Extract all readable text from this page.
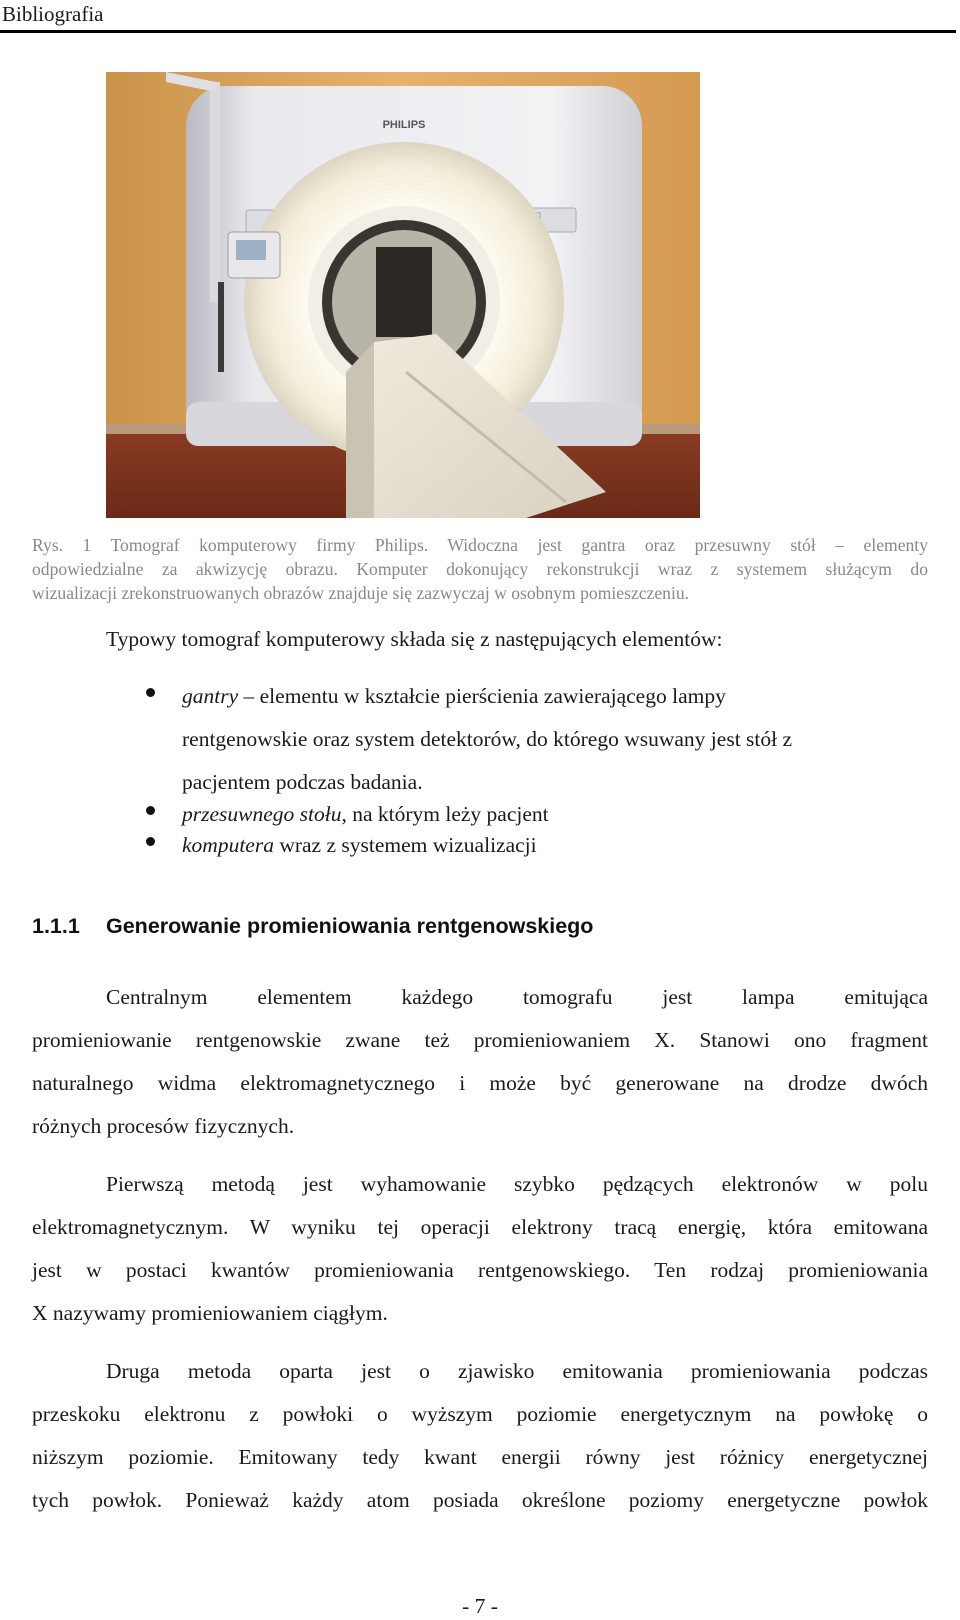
Bibliografia
PHILIPS
Rys. 1 Tomograf komputerowy firmy Philips. Widoczna jest gantra oraz przesuwny stół – elementy
odpowiedzialne za akwizycję obrazu. Komputer dokonujący rekonstrukcji wraz z systemem służącym do
wizualizacji zrekonstruowanych obrazów znajduje się zazwyczaj w osobnym pomieszczeniu.
Typowy tomograf komputerowy składa się z następujących elementów:
gantry – elementu w kształcie pierścienia zawierającego lampy
rentgenowskie oraz system detektorów, do którego wsuwany jest stół z
pacjentem podczas badania.
przesuwnego stołu, na którym leży pacjent
komputera wraz z systemem wizualizacji
1.1.1 Generowanie promieniowania rentgenowskiego
Centralnym elementem każdego tomografu jest lampa emitująca
promieniowanie rentgenowskie zwane też promieniowaniem X. Stanowi ono fragment
naturalnego widma elektromagnetycznego i może być generowane na drodze dwóch
różnych procesów fizycznych.
Pierwszą metodą jest wyhamowanie szybko pędzących elektronów w polu
elektromagnetycznym. W wyniku tej operacji elektrony tracą energię, która emitowana
jest w postaci kwantów promieniowania rentgenowskiego. Ten rodzaj promieniowania
X nazywamy promieniowaniem ciągłym.
Druga metoda oparta jest o zjawisko emitowania promieniowania podczas
przeskoku elektronu z powłoki o wyższym poziomie energetycznym na powłokę o
niższym poziomie. Emitowany tedy kwant energii równy jest różnicy energetycznej
tych powłok. Ponieważ każdy atom posiada określone poziomy energetyczne powłok
- 7 -
